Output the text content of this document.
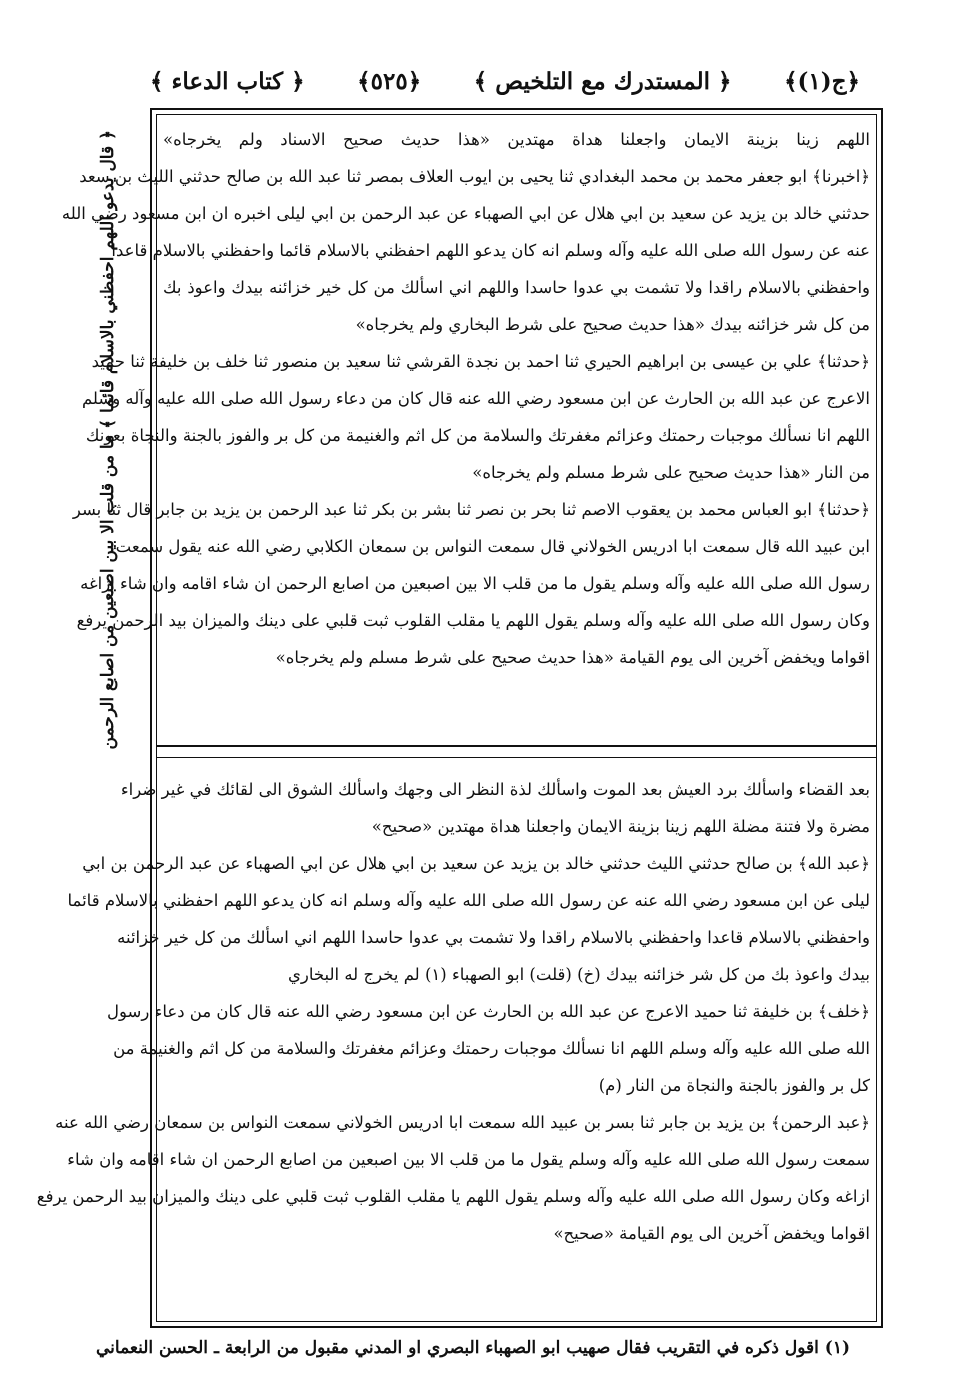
﴿ج(١)﴾
﴿ المستدرك مع التلخيص ﴾
﴿٥٢٥﴾
﴿ كتاب الدعاء ﴾
﴿ قال يدعو اللهم احفظني بالاسلام قائما ﴾ ما من قلب الا بين اصبعين من اصابع الرحمن	اللهم زينا بزينة الايمان واجعلنا هداة مهتدين «هذا حديث صحيح الاسناد ولم يخرجاه»
﴿اخبرنا﴾ ابو جعفر محمد بن محمد البغدادي ثنا يحيى بن ايوب العلاف بمصر ثنا عبد الله بن صالح حدثني الليث بن سعد
حدثني خالد بن يزيد عن سعيد بن ابي هلال عن ابي الصهباء عن عبد الرحمن بن ابي ليلى اخبره ان ابن مسعود رضي الله
عنه عن رسول الله صلى الله عليه وآله وسلم انه كان يدعو اللهم احفظني بالاسلام قائما واحفظني بالاسلام قاعدا
واحفظني بالاسلام راقدا ولا تشمت بي عدوا حاسدا واللهم اني اسألك من كل خير خزائنه بيدك واعوذ بك
من كل شر خزائنه بيدك «هذا حديث صحيح على شرط البخاري ولم يخرجاه»
﴿حدثنا﴾ علي بن عيسى بن ابراهيم الحيري ثنا احمد بن نجدة القرشي ثنا سعيد بن منصور ثنا خلف بن خليفة ثنا حميد
الاعرج عن عبد الله بن الحارث عن ابن مسعود رضي الله عنه قال كان من دعاء رسول الله صلى الله عليه وآله وسلم
اللهم انا نسألك موجبات رحمتك وعزائم مغفرتك والسلامة من كل اثم والغنيمة من كل بر والفوز بالجنة والنجاة بعونك
من النار «هذا حديث صحيح على شرط مسلم ولم يخرجاه»
﴿حدثنا﴾ ابو العباس محمد بن يعقوب الاصم ثنا بحر بن نصر ثنا بشر بن بكر ثنا عبد الرحمن بن يزيد بن جابر قال ثنا بسر
ابن عبيد الله قال سمعت ابا ادريس الخولاني قال سمعت النواس بن سمعان الكلابي رضي الله عنه يقول سمعت
رسول الله صلى الله عليه وآله وسلم يقول ما من قلب الا بين اصبعين من اصابع الرحمن ان شاء اقامه وان شاء ازاغه
وكان رسول الله صلى الله عليه وآله وسلم يقول اللهم يا مقلب القلوب ثبت قلبي على دينك والميزان بيد الرحمن يرفع
اقواما ويخفض آخرين الى يوم القيامة «هذا حديث صحيح على شرط مسلم ولم يخرجاه»
بعد القضاء واسألك برد العيش بعد الموت واسألك لذة النظر الى وجهك واسألك الشوق الى لقائك في غير ضراء
مضرة ولا فتنة مضلة اللهم زينا بزينة الايمان واجعلنا هداة مهتدين «صحيح»
﴿عبد الله﴾ بن صالح حدثني الليث حدثني خالد بن يزيد عن سعيد بن ابي هلال عن ابي الصهباء عن عبد الرحمن بن ابي
ليلى عن ابن مسعود رضي الله عنه عن رسول الله صلى الله عليه وآله وسلم انه كان يدعو اللهم احفظني بالاسلام قائما
واحفظني بالاسلام قاعدا واحفظني بالاسلام راقدا ولا تشمت بي عدوا حاسدا اللهم اني اسألك من كل خير خزائنه
بيدك واعوذ بك من كل شر خزائنه بيدك (خ) (قلت) ابو الصهباء (١) لم يخرج له البخاري
﴿خلف﴾ بن خليفة ثنا حميد الاعرج عن عبد الله بن الحارث عن ابن مسعود رضي الله عنه قال كان من دعاء رسول
الله صلى الله عليه وآله وسلم اللهم انا نسألك موجبات رحمتك وعزائم مغفرتك والسلامة من كل اثم والغنيمة من
كل بر والفوز بالجنة والنجاة من النار (م)
﴿عبد الرحمن﴾ بن يزيد بن جابر ثنا بسر بن عبيد الله سمعت ابا ادريس الخولاني سمعت النواس بن سمعان رضي الله عنه
سمعت رسول الله صلى الله عليه وآله وسلم يقول ما من قلب الا بين اصبعين من اصابع الرحمن ان شاء اقامه وان شاء
ازاغه وكان رسول الله صلى الله عليه وآله وسلم يقول اللهم يا مقلب القلوب ثبت قلبي على دينك والميزان بيد الرحمن يرفع
اقواما ويخفض آخرين الى يوم القيامة «صحيح»
(١) اقول ذكره في التقريب فقال صهيب ابو الصهباء البصري او المدني مقبول من الرابعة ـ الحسن النعماني
